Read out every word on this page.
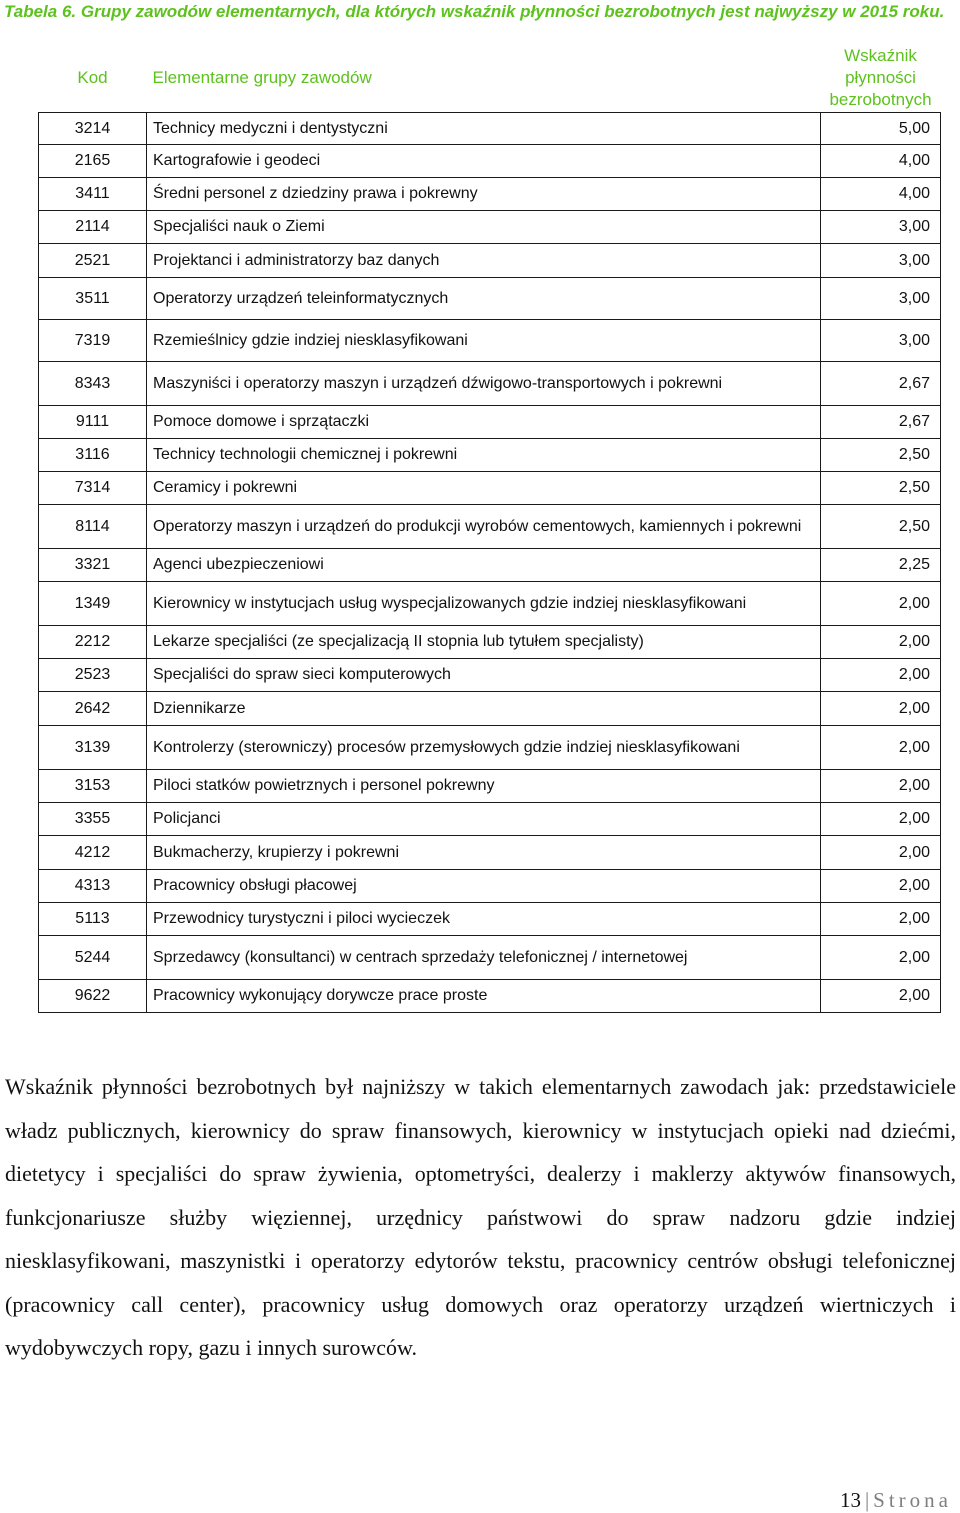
Tabela 6. Grupy zawodów elementarnych, dla których wskaźnik płynności bezrobotnych jest najwyższy w 2015 roku.
Kod	Elementarne grupy zawodów	Wskaźnik płynności bezrobotnych
3214	Technicy medyczni i dentystyczni	5,00
2165	Kartografowie i geodeci	4,00
3411	Średni personel z dziedziny prawa i pokrewny	4,00
2114	Specjaliści nauk o Ziemi	3,00
2521	Projektanci i administratorzy baz danych	3,00
3511	Operatorzy urządzeń teleinformatycznych	3,00
7319	Rzemieślnicy gdzie indziej niesklasyfikowani	3,00
8343	Maszyniści i operatorzy maszyn i urządzeń dźwigowo-transportowych i pokrewni	2,67
9111	Pomoce domowe i sprzątaczki	2,67
3116	Technicy technologii chemicznej i pokrewni	2,50
7314	Ceramicy i pokrewni	2,50
8114	Operatorzy maszyn i urządzeń do produkcji wyrobów cementowych, kamiennych i pokrewni	2,50
3321	Agenci ubezpieczeniowi	2,25
1349	Kierownicy w instytucjach usług wyspecjalizowanych gdzie indziej niesklasyfikowani	2,00
2212	Lekarze specjaliści (ze specjalizacją II stopnia lub tytułem specjalisty)	2,00
2523	Specjaliści do spraw sieci komputerowych	2,00
2642	Dziennikarze	2,00
3139	Kontrolerzy (sterowniczy) procesów przemysłowych gdzie indziej niesklasyfikowani	2,00
3153	Piloci statków powietrznych i personel pokrewny	2,00
3355	Policjanci	2,00
4212	Bukmacherzy, krupierzy i pokrewni	2,00
4313	Pracownicy obsługi płacowej	2,00
5113	Przewodnicy turystyczni i piloci wycieczek	2,00
5244	Sprzedawcy (konsultanci) w centrach sprzedaży telefonicznej / internetowej	2,00
9622	Pracownicy wykonujący dorywcze prace proste	2,00

Wskaźnik płynności bezrobotnych był najniższy w takich elementarnych zawodach jak: przedstawiciele władz publicznych, kierownicy do spraw finansowych, kierownicy w instytucjach opieki nad dziećmi, dietetycy i specjaliści do spraw żywienia, optometryści, dealerzy i maklerzy aktywów finansowych, funkcjonariusze służby więziennej, urzędnicy państwowi do spraw nadzoru gdzie indziej niesklasyfikowani, maszynistki i operatorzy edytorów tekstu, pracownicy centrów obsługi telefonicznej (pracownicy call center), pracownicy usług domowych oraz operatorzy urządzeń wiertniczych i wydobywczych ropy, gazu i innych surowców.

13 | Strona
